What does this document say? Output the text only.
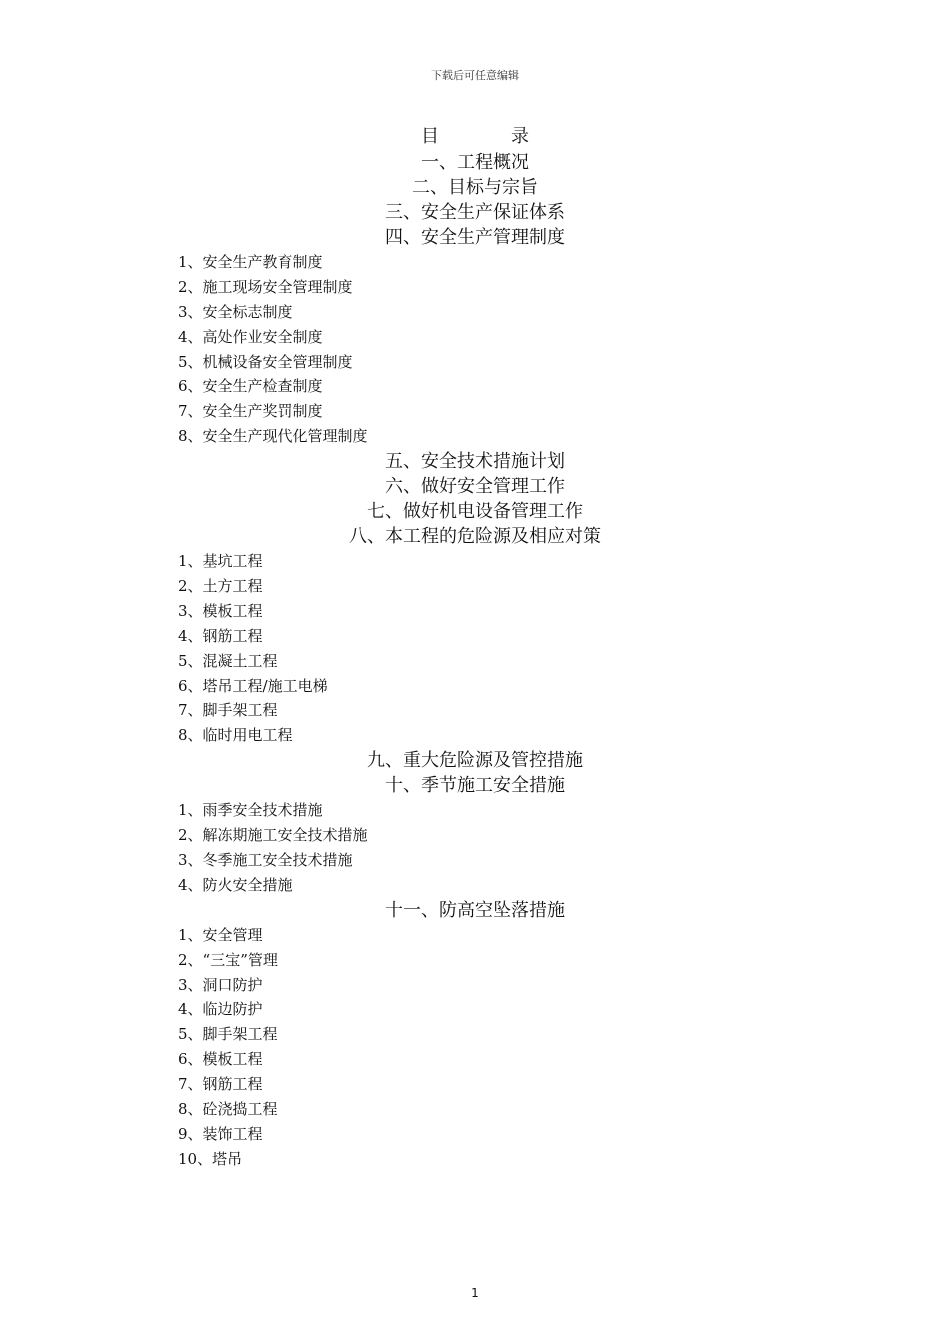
下载后可任意编辑
目	录
一、工程概况
二、目标与宗旨
三、安全生产保证体系
四、安全生产管理制度
1、安全生产教育制度
2、施工现场安全管理制度
3、安全标志制度
4、高处作业安全制度
5、机械设备安全管理制度
6、安全生产检查制度
7、安全生产奖罚制度
8、安全生产现代化管理制度
五、安全技术措施计划
六、做好安全管理工作
七、做好机电设备管理工作
八、本工程的危险源及相应对策
1、基坑工程
2、土方工程
3、模板工程
4、钢筋工程
5、混凝土工程
6、塔吊工程/施工电梯
7、脚手架工程
8、临时用电工程
九、重大危险源及管控措施
十、季节施工安全措施
1、雨季安全技术措施
2、解冻期施工安全技术措施
3、冬季施工安全技术措施
4、防火安全措施
十一、防高空坠落措施
1、安全管理
2、“三宝”管理
3、洞口防护
4、临边防护
5、脚手架工程
6、模板工程
7、钢筋工程
8、砼浇捣工程
9、装饰工程
10、塔吊
1
